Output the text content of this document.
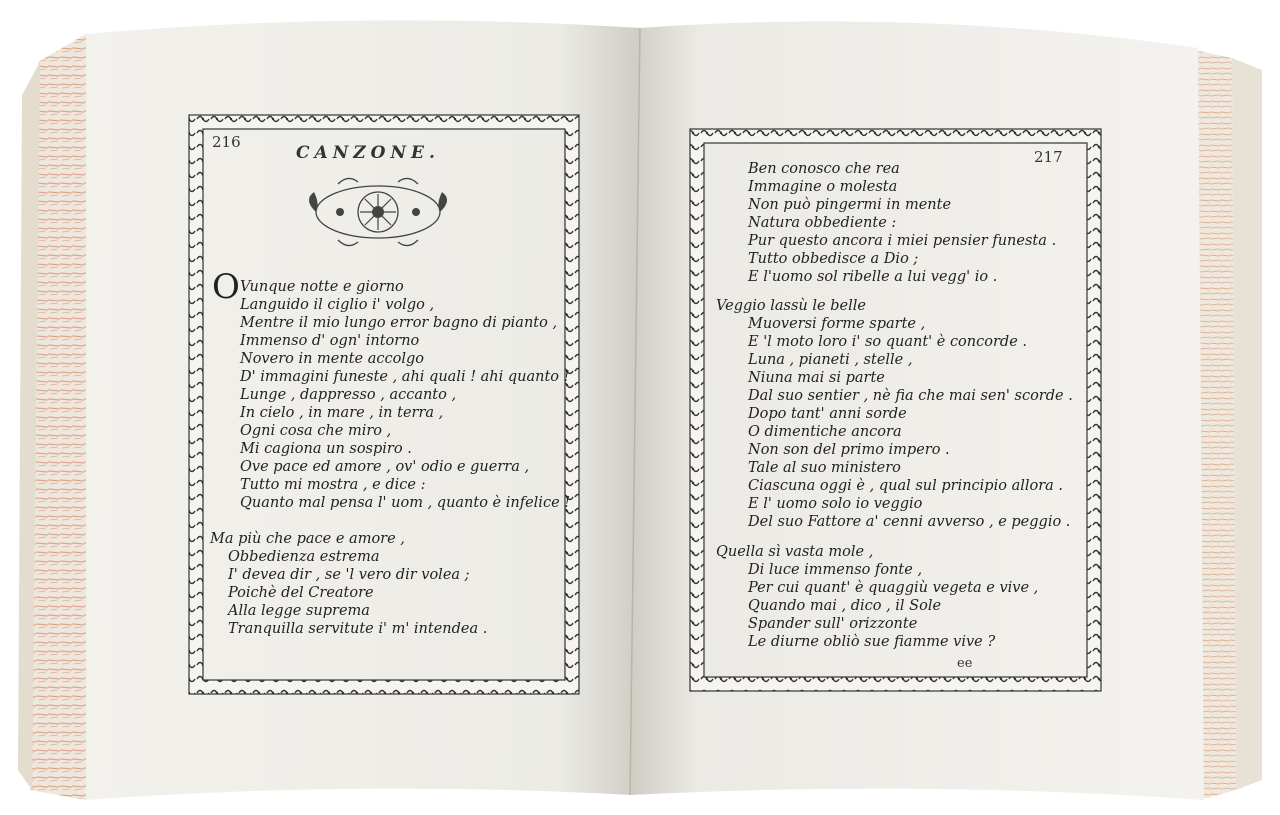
216
CANZONE.
O Vunque notte e giorno
Languido il ciglio i' volgo ,
Mentre il mio lungo error bagno di pianto ,
Immenso d' ogn' intorno
Novero in mente accolgo
D' immagini funeste , ahi quali ! ahi quanto !
Lunge , dappresso , accanto ,
In cielo , in mare , in terra ,
Ogni cosa che miro ,
Mi cagiona un sospiro .
Ove pace ed amore , ov' odio e guerra ,
Tutto mi mostra , e dice :
Quanto mal pensa l' uom , quanto è infelice !
Ma più che pace e amore ,
Obbedienza estrema
I' devea dir , se 'l vero dir volea ;
Poichè del Creatore
Alla legge suprema
Tranquilla servitute i' m' intendea .
217
Ben conosco che rea
Immagine o molesta
Non può pingermi in mente
Natura obbediente :
Pur questo ancora i miei pensier funesta .
Tutto obbedisce a Dio ;
E l'uomo sol ribelle a lui vegg' io .
Veggio lassù le belle
Muoversi forme sparte ,
E 'l moto loro i' so quant' è concorde .
Luna , pianeti , stelle ,
Niuna mai si parte
Dal suo sentier , nè fia che mai sen' scorde .
Dopo tant' anni sorde
O dimentiche ancora
Non son del primo impero .
Tale al suo ministero
Ciascuna oggi è , qual sul principio allora .
E l' uomo solo io veggio
Del suo Fattore a' cenni avverso , e peggio .
Quella sì vasta mole ,
Di luce immenso fonte ,
Per cui quant' è quaggiù vegeta e vive ,
Quando mai , dico , il Sole
Spander sull' orizzonte
Le diurne obliò sue fiamme vive ?
ee
